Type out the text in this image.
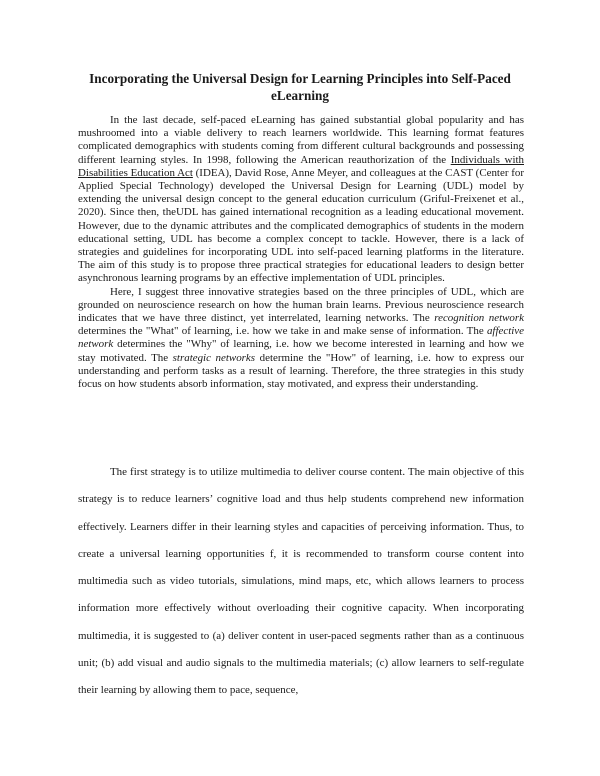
Incorporating the Universal Design for Learning Principles into Self-Paced
eLearning

In the last decade, self-paced eLearning has gained substantial global popularity and has mushroomed into a viable delivery to reach learners worldwide. This learning format features complicated demographics with students coming from different cultural backgrounds and possessing different learning styles. In 1998, following the American reauthorization of the Individuals with Disabilities Education Act (IDEA), David Rose, Anne Meyer, and colleagues at the CAST (Center for Applied Special Technology) developed the Universal Design for Learning (UDL) model by extending the universal design concept to the general education curriculum (Griful-Freixenet et al., 2020). Since then, theUDL has gained international recognition as a leading educational movement. However, due to the dynamic attributes and the complicated demographics of students in the modern educational setting, UDL has become a complex concept to tackle. However, there is a lack of strategies and guidelines for incorporating UDL into self-paced learning platforms in the literature. The aim of this study is to propose three practical strategies for educational leaders to design better asynchronous learning programs by an effective implementation of UDL principles.

Here, I suggest three innovative strategies based on the three principles of UDL, which are grounded on neuroscience research on how the human brain learns. Previous neuroscience research indicates that we have three distinct, yet interrelated, learning networks. The recognition network determines the "What" of learning, i.e. how we take in and make sense of information. The affective network determines the "Why" of learning, i.e. how we become interested in learning and how we stay motivated. The strategic networks determine the "How" of learning, i.e. how to express our understanding and perform tasks as a result of learning. Therefore, the three strategies in this study focus on how students absorb information, stay motivated, and express their understanding.

The first strategy is to utilize multimedia to deliver course content. The main objective of this strategy is to reduce learners’ cognitive load and thus help students comprehend new information effectively. Learners differ in their learning styles and capacities of perceiving information. Thus, to create a universal learning opportunities f, it is recommended to transform course content into multimedia such as video tutorials, simulations, mind maps, etc, which allows learners to process information more effectively without overloading their cognitive capacity. When incorporating multimedia, it is suggested to (a) deliver content in user-paced segments rather than as a continuous unit; (b) add visual and audio signals to the multimedia materials; (c) allow learners to self-regulate their learning by allowing them to pace, sequence,
